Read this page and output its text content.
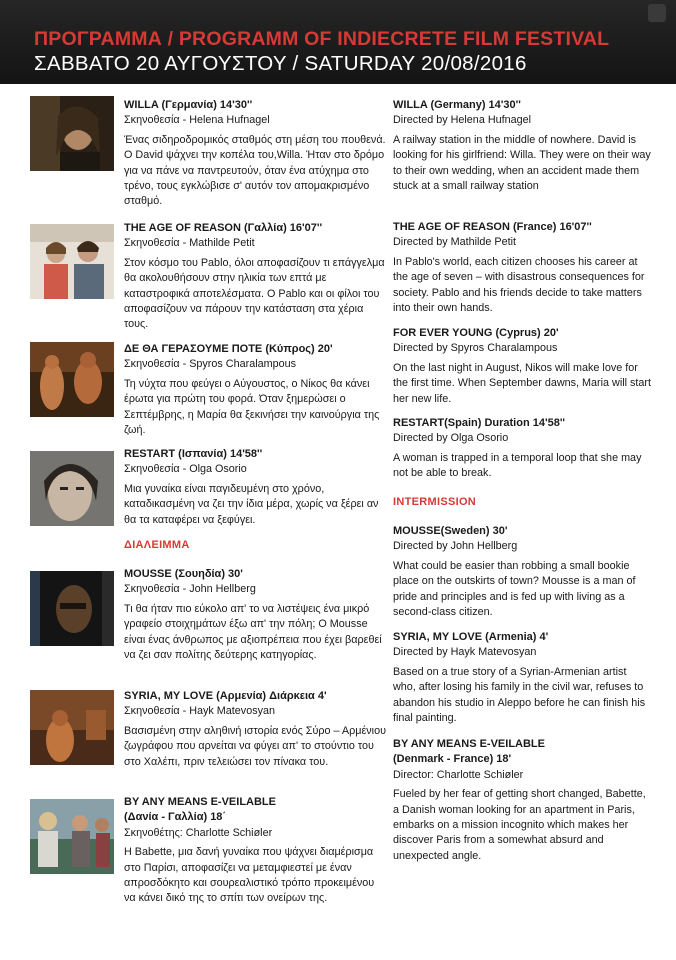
ΠΡΟΓΡΑΜΜΑ / PROGRAMM OF INDIECRETE FILM FESTIVAL
ΣΑΒΒΑΤΟ 20 ΑΥΓΟΥΣΤΟΥ / SATURDAY 20/08/2016
WILLA (Γερμανία) 14'30''
Σκηνοθεσία - Helena Hufnagel
Ένας σιδηροδρομικός σταθμός στη μέση του πουθενά. Ο David ψάχνει την κοπέλα του,Willa. Ήταν στο δρόμο για να πάνε να παντρευτούν, όταν ένα ατύχημα στο τρένο, τους εγκλώβισε σ' αυτόν τον απομακρισμένο σταθμό.
THE AGE OF REASON (Γαλλία) 16'07''
Σκηνοθεσία - Mathilde Petit
Στον κόσμο του Pablo, όλοι αποφασίζουν τι επάγγελμα θα ακολουθήσουν στην ηλικία των επτά με καταστροφικά αποτελέσματα. Ο Pablo και οι φίλοι του αποφασίζουν να πάρουν την κατάσταση στα χέρια τους.
ΔΕ ΘΑ ΓΕΡΑΣΟΥΜΕ ΠΟΤΕ (Κύπρος) 20'
Σκηνοθεσία - Spyros Charalampous
Τη νύχτα που φεύγει ο Αύγουστος, ο Νίκος θα κάνει έρωτα για πρώτη του φορά. Όταν ξημερώσει ο Σεπτέμβρης, η Μαρία θα ξεκινήσει την καινούργια της ζωή.
RESTART (Ισπανία) 14'58''
Σκηνοθεσία - Olga Osorio
Μια γυναίκα είναι παγιδευμένη στο χρόνο, καταδικασμένη να ζει την ίδια μέρα, χωρίς να ξέρει αν θα τα καταφέρει να ξεφύγει.
ΔΙΑΛΕΙΜΜΑ
MOUSSE (Σουηδία) 30'
Σκηνοθεσία - John Hellberg
Τι θα ήταν πιο εύκολο απ' το να λιστέψεις ένα μικρό γραφείο στοιχημάτων έξω απ' την πόλη; Ο Mousse είναι ένας άνθρωπος με αξιοπρέπεια που έχει βαρεθεί να ζει σαν πολίτης δεύτερης κατηγορίας.
SYRIA, MY LOVE (Αρμενία) Διάρκεια 4'
Σκηνοθεσία - Hayk Matevosyan
Βασισμένη στην αληθινή ιστορία ενός Σύρο – Αρμένιου ζωγράφου που αρνείται να φύγει απ' το στούντιο του στο Χαλέπι, πριν τελειώσει τον πίνακα του.
BY ANY MEANS E-VEILABLE
(Δανία - Γαλλία) 18΄
Σκηνοθέτης: Charlotte Schiøler
Η Babette, μια δανή γυναίκα που ψάχνει διαμέρισμα στο Παρίσι, αποφασίζει να μεταμφιεστεί με έναν απροσδόκητο και σουρεαλιστικό τρόπο προκειμένου να κάνει δικό της το σπίτι των ονείρων της.
WILLA (Germany) 14'30''
Directed by Helena Hufnagel
A railway station in the middle of nowhere. David is looking for his girlfriend: Willa. They were on their way to their own wedding, when an accident made them stuck at a small railway station
THE AGE OF REASON (France) 16'07''
Directed by Mathilde Petit
In Pablo's world, each citizen chooses his career at the age of seven – with disastrous consequences for society. Pablo and his friends decide to take matters into their own hands.
FOR EVER YOUNG (Cyprus) 20'
Directed by Spyros Charalampous
On the last night in August, Nikos will make love for the first time. When September dawns, Maria will start her new life.
RESTART(Spain) Duration 14'58''
Directed by Olga Osorio
A woman is trapped in a temporal loop that she may not be able to break.
INTERMISSION
MOUSSE(Sweden) 30'
Directed by John Hellberg
What could be easier than robbing a small bookie place on the outskirts of town? Mousse is a man of pride and principles and is fed up with living as a second-class citizen.
SYRIA, MY LOVE (Armenia) 4'
Directed by Hayk Matevosyan
Based on a true story of a Syrian-Armenian artist who, after losing his family in the civil war, refuses to abandon his studio in Aleppo before he can finish his final painting.
BY ANY MEANS E-VEILABLE
(Denmark - France) 18'
Director: Charlotte Schiøler
Fueled by her fear of getting short changed, Babette, a Danish woman looking for an apartment in Paris, embarks on a mission incognito which makes her discover Paris from a somewhat absurd and unexpected angle.
